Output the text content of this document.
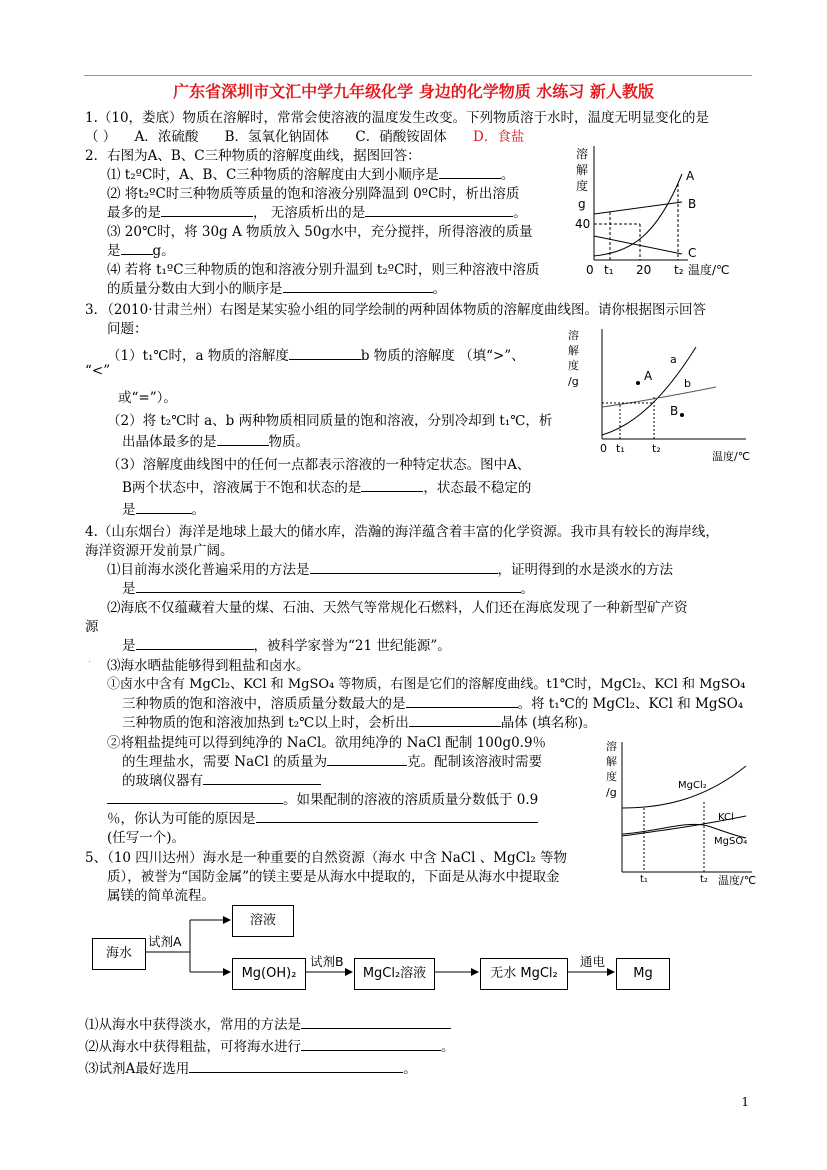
广东省深圳市文汇中学九年级化学 身边的化学物质 水练习 新人教版
1.（10，娄底）物质在溶解时，常常会使溶液的温度发生改变。下列物质溶于水时，温度无明显变化的是
（ ） A．浓硫酸 B．氢氧化钠固体 C．硝酸铵固体 D．食盐
2．右图为A、B、C三种物质的溶解度曲线，据图回答：
⑴ t₂ºC时，A、B、C三种物质的溶解度由大到小顺序是	。
⑵ 将t₂ºC时三种物质等质量的饱和溶液分别降温到 0ºC时，析出溶质
最多的是	， 无溶质析出的是	。
⑶ 20℃时，将 30g A 物质放入 50g水中，充分搅拌，所得溶液的质量
是 g。
⑷ 若将 t₁ºC三种物质的饱和溶液分别升温到 t₂ºC时，则三种溶液中溶质
的质量分数由大到小的顺序是	。
溶
解
度
g
40
0 t₁ 20 t₂ 温度/℃
A
B
C
3．（2010·甘肃兰州）右图是某实验小组的同学绘制的两种固体物质的溶解度曲线图。请你根据图示回答
问题：
（1）t₁℃时，a 物质的溶解度	b 物质的溶解度 （填“>”、
“<”
或“=”）。
（2）将 t₂℃时 a、b 两种物质相同质量的饱和溶液，分别冷却到 t₁℃，析
出晶体最多的是	物质。
（3）溶解度曲线图中的任何一点都表示溶液的一种特定状态。图中A、
B两个状态中，溶液属于不饱和状态的是	，状态最不稳定的
是	。
溶
解
度
/g
0 t₁ t₂
温度/℃
a
b
A
B
4.（山东烟台）海洋是地球上最大的储水库，浩瀚的海洋蕴含着丰富的化学资源。我市具有较长的海岸线，
海洋资源开发前景广阔。
⑴目前海水淡化普遍采用的方法是	，证明得到的水是淡水的方法
是	。
⑵海底不仅蕴藏着大量的煤、石油、天然气等常规化石燃料，人们还在海底发现了一种新型矿产资
源
是	，被科学家誉为“21 世纪能源”。
. ⑶海水晒盐能够得到粗盐和卤水。
①卤水中含有 MgCl₂、KCl 和 MgSO₄ 等物质，右图是它们的溶解度曲线。t1℃时，MgCl₂、KCl 和 MgSO₄
三种物质的饱和溶液中，溶质质量分数最大的是	。将 t₁℃的 MgCl₂、KCl 和 MgSO₄
三种物质的饱和溶液加热到 t₂℃以上时，会析出	晶体 (填名称)。
②将粗盐提纯可以得到纯净的 NaCl。欲用纯净的 NaCl 配制 100g0.9％
的生理盐水，需要 NaCl 的质量为	克。配制该溶液时需要
的玻璃仪器有
。如果配制的溶液的溶质质量分数低于 0.9
％，你认为可能的原因是
(任写一个)。
溶
解
度
/g
MgCl₂
KCl
MgSO₄
t₁	t₂ 温度/℃
5、（10 四川达州）海水是一种重要的自然资源（海水 中含 NaCl 、MgCl₂ 等物
质），被誉为“国防金属”的镁主要是从海水中提取的，下面是从海水中提取金
属镁的简单流程。
海水
试剂A
溶液
Mg(OH)₂
试剂B
MgCl₂溶液	无水 MgCl₂
通电
Mg
⑴从海水中获得淡水，常用的方法是
⑵从海水中获得粗盐，可将海水进行	。
⑶试剂A最好选用	。
1
